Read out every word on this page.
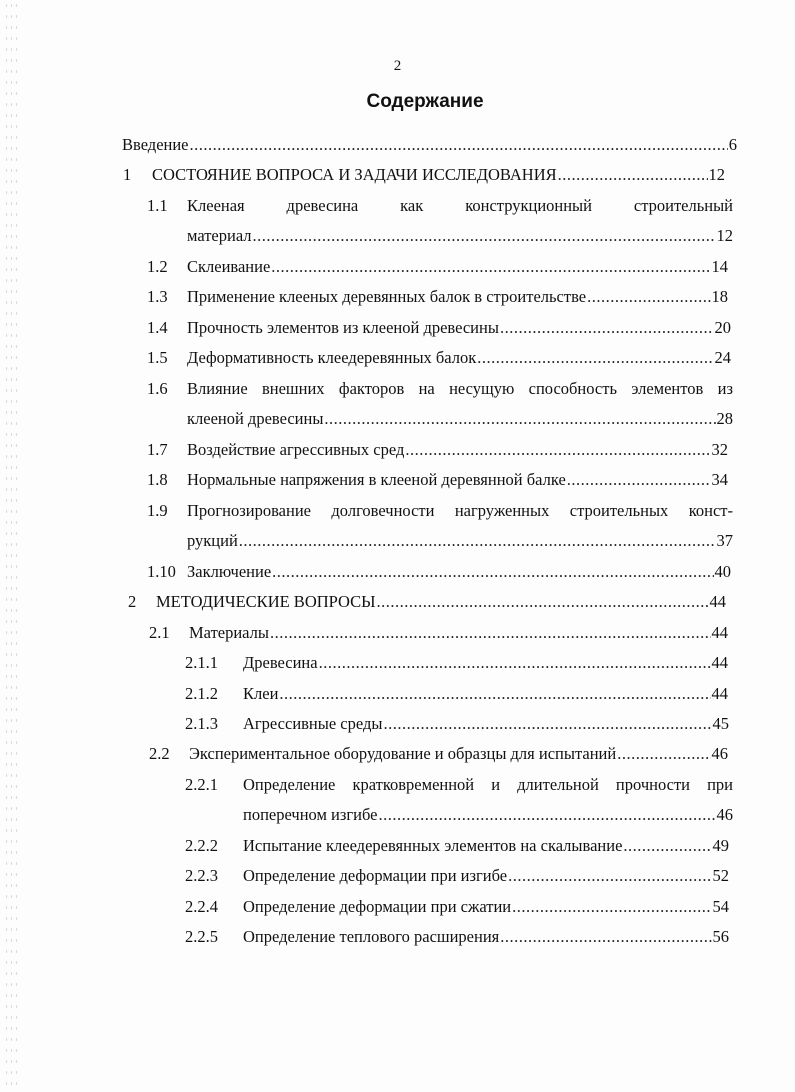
2
Содержание
Введение .....	6
1 СОСТОЯНИЕ ВОПРОСА И ЗАДАЧИ ИССЛЕДОВАНИЯ .....	12
1.1 Клееная древесина как конструкционный строительный
материал .....	12
1.2 Склеивание .....	14
1.3 Применение клееных деревянных балок в строительстве .....	18
1.4 Прочность элементов из клееной древесины .....	20
1.5 Деформативность клеедеревянных балок .....	24
1.6 Влияние внешних факторов на несущую способность элементов из
клееной древесины .....	28
1.7 Воздействие агрессивных сред .....	32
1.8 Нормальные напряжения в клееной деревянной балке .....	34
1.9 Прогнозирование долговечности нагруженных строительных конст-
рукций .....	37
1.10 Заключение .....	40
2 МЕТОДИЧЕСКИЕ ВОПРОСЫ .....	44
2.1 Материалы .....	44
2.1.1 Древесина .....	44
2.1.2 Клеи .....	44
2.1.3 Агрессивные среды .....	45
2.2 Экспериментальное оборудование и образцы для испытаний .....	46
2.2.1 Определение кратковременной и длительной прочности при
поперечном изгибе .....	46
2.2.2 Испытание клеедеревянных элементов на скалывание .....	49
2.2.3 Определение деформации при изгибе .....	52
2.2.4 Определение деформации при сжатии .....	54
2.2.5 Определение теплового расширения .....	56
